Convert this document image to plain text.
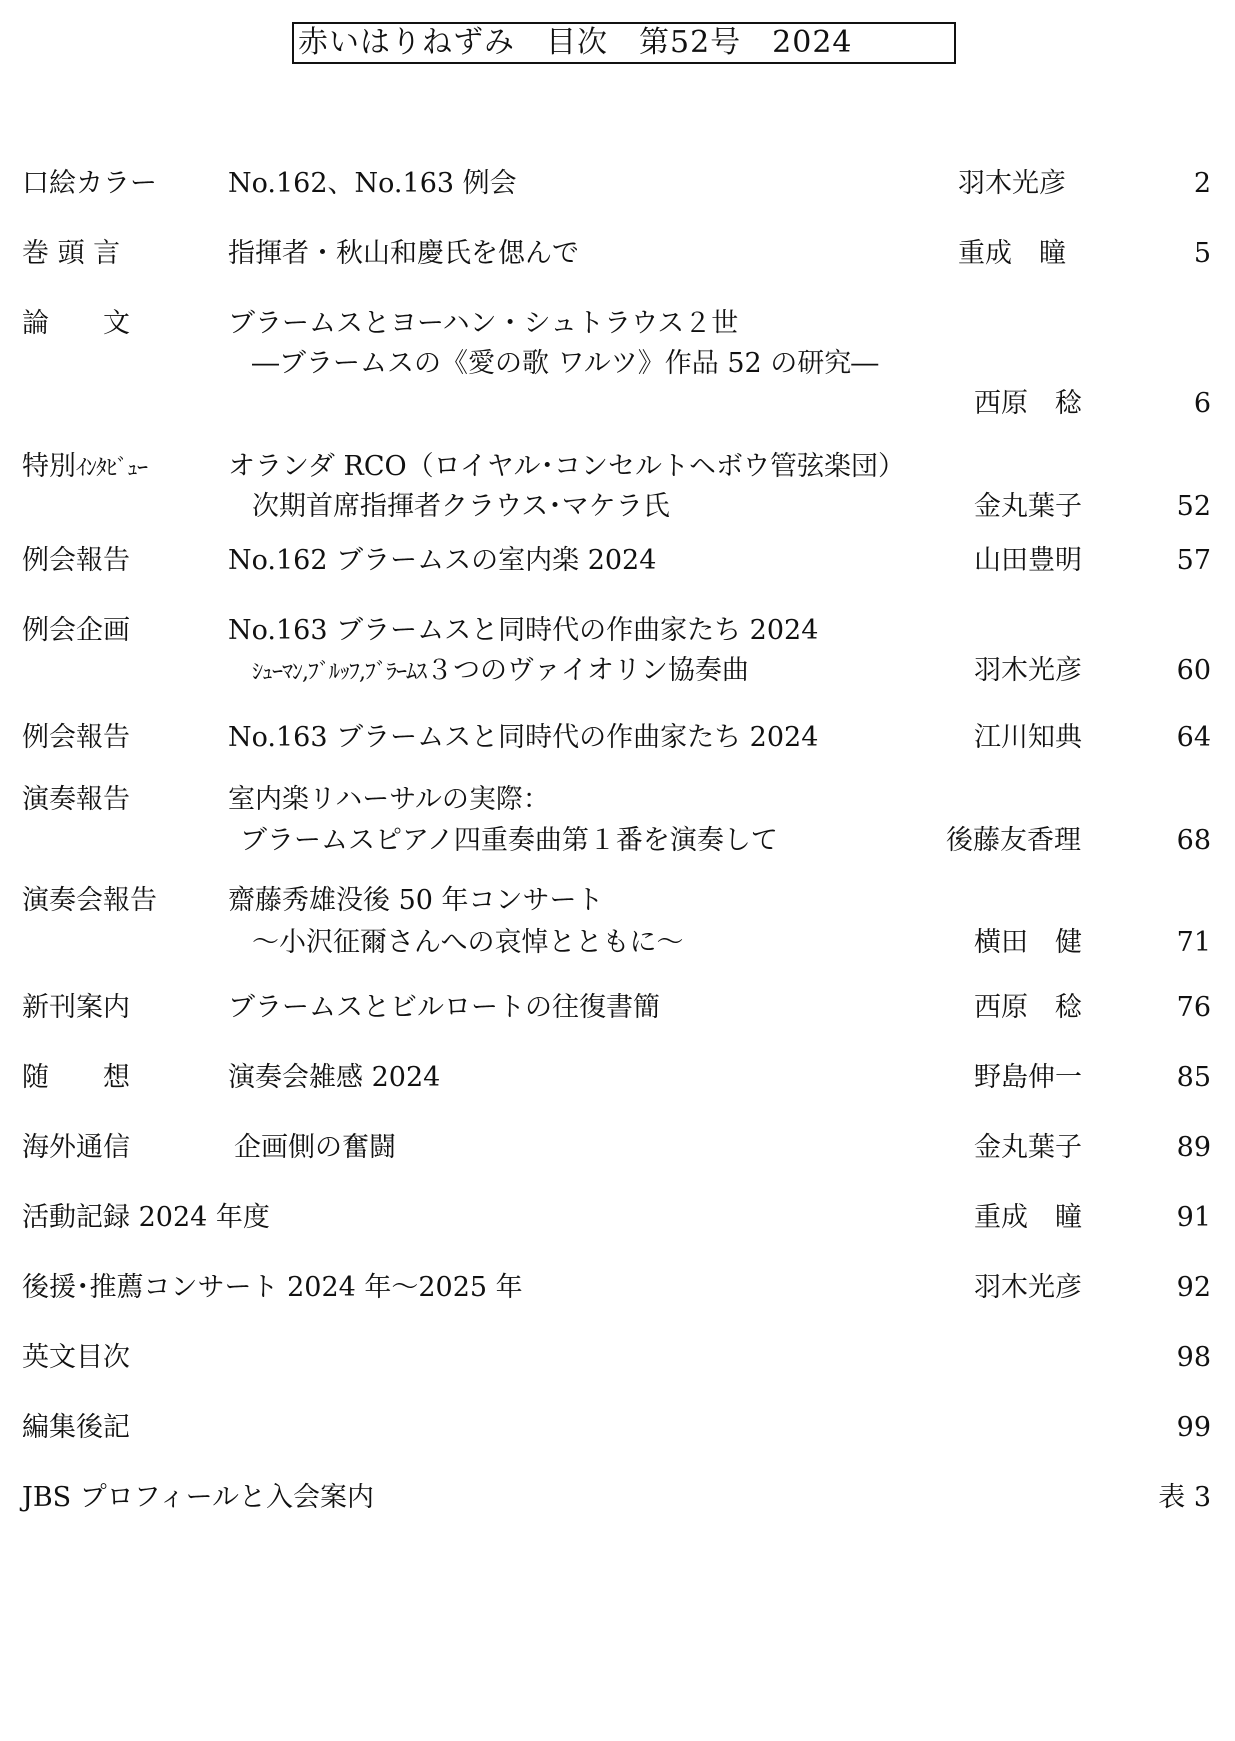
赤いはりねずみ　目次　第52号　2024
口絵カラー	No.162、No.163 例会	羽木光彦	2
巻 頭 言	指揮者・秋山和慶氏を偲んで	重成　瞳	5
論　　文	ブラームスとヨーハン・シュトラウス２世
―ブラームスの《愛の歌 ワルツ》作品 52 の研究―
西原　稔	6
特別ｲﾝﾀﾋﾞｭｰ	オランダ RCO（ロイヤル･コンセルトヘボウ管弦楽団）
次期首席指揮者クラウス･マケラ氏	金丸葉子	52
例会報告	No.162 ブラームスの室内楽 2024	山田豊明	57
例会企画	No.163 ブラームスと同時代の作曲家たち 2024
ｼｭｰﾏﾝ,ﾌﾞﾙｯﾌ,ﾌﾞﾗｰﾑｽ３つのヴァイオリン協奏曲	羽木光彦	60
例会報告	No.163 ブラームスと同時代の作曲家たち 2024	江川知典	64
演奏報告	室内楽リハーサルの実際：
ブラームスピアノ四重奏曲第１番を演奏して	後藤友香理	68
演奏会報告	齋藤秀雄没後 50 年コンサート
～小沢征爾さんへの哀悼とともに～	横田　健	71
新刊案内	ブラームスとビルロートの往復書簡	西原　稔	76
随　　想	演奏会雑感 2024	野島伸一	85
海外通信	企画側の奮闘	金丸葉子	89
活動記録 2024 年度	重成　瞳	91
後援･推薦コンサート 2024 年～2025 年	羽木光彦	92
英文目次	98
編集後記	99
JBS プロフィールと入会案内	表 3
